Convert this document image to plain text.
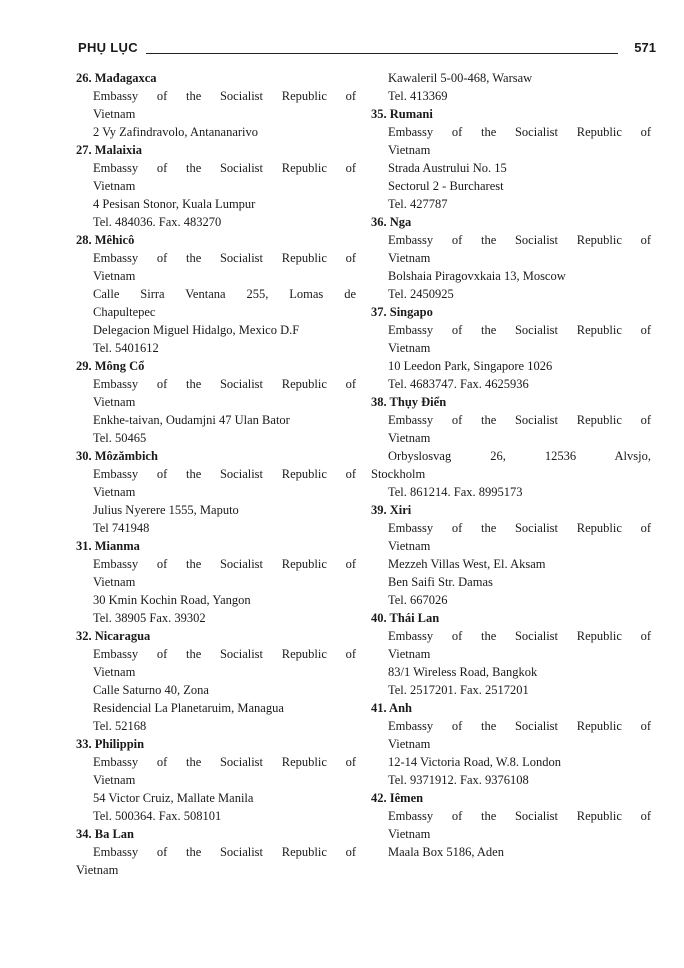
PHỤ LỤC	571
26. Mađagaxca
Embassy of the Socialist Republic of
Vietnam
2 Vy Zafindravolo, Antananarivo
27. Malaixia
Embassy of the Socialist Republic of
Vietnam
4 Pesisan Stonor, Kuala Lumpur
Tel. 484036. Fax. 483270
28. Mêhicô
Embassy of the Socialist Republic of
Vietnam
Calle Sirra Ventana 255, Lomas de
Chapultepec
Delegacion Miguel Hidalgo, Mexico D.F
Tel. 5401612
29. Mông Cổ
Embassy of the Socialist Republic of
Vietnam
Enkhe-taivan, Oudamjni 47 Ulan Bator
Tel. 50465
30. Môzămbich
Embassy of the Socialist Republic of
Vietnam
Julius Nyerere 1555, Maputo
Tel 741948
31. Mianma
Embassy of the Socialist Republic of
Vietnam
30 Kmin Kochin Road, Yangon
Tel. 38905 Fax. 39302
32. Nicaragua
Embassy of the Socialist Republic of
Vietnam
Calle Saturno 40, Zona
Residencial La Planetaruim, Managua
Tel. 52168
33. Philippin
Embassy of the Socialist Republic of
Vietnam
54 Victor Cruiz, Mallate Manila
Tel. 500364. Fax. 508101
34. Ba Lan
Embassy of the Socialist Republic of
Vietnam
Kawaleril 5-00-468, Warsaw
Tel. 413369
35. Rumani
Embassy of the Socialist Republic of
Vietnam
Strada Austrului No. 15
Sectorul 2 - Burcharest
Tel. 427787
36. Nga
Embassy of the Socialist Republic of
Vietnam
Bolshaia Piragovxkaia 13, Moscow
Tel. 2450925
37. Singapo
Embassy of the Socialist Republic of
Vietnam
10 Leedon Park, Singapore 1026
Tel. 4683747. Fax. 4625936
38. Thụy Điển
Embassy of the Socialist Republic of
Vietnam
Orbyslosvag 26, 12536 Alvsjo,
Stockholm
Tel. 861214. Fax. 8995173
39. Xiri
Embassy of the Socialist Republic of
Vietnam
Mezzeh Villas West, El. Aksam
Ben Saifi Str. Damas
Tel. 667026
40. Thái Lan
Embassy of the Socialist Republic of
Vietnam
83/1 Wireless Road, Bangkok
Tel. 2517201. Fax. 2517201
41. Anh
Embassy of the Socialist Republic of
Vietnam
12-14 Victoria Road, W.8. London
Tel. 9371912. Fax. 9376108
42. Iêmen
Embassy of the Socialist Republic of
Vietnam
Maala Box 5186, Aden
